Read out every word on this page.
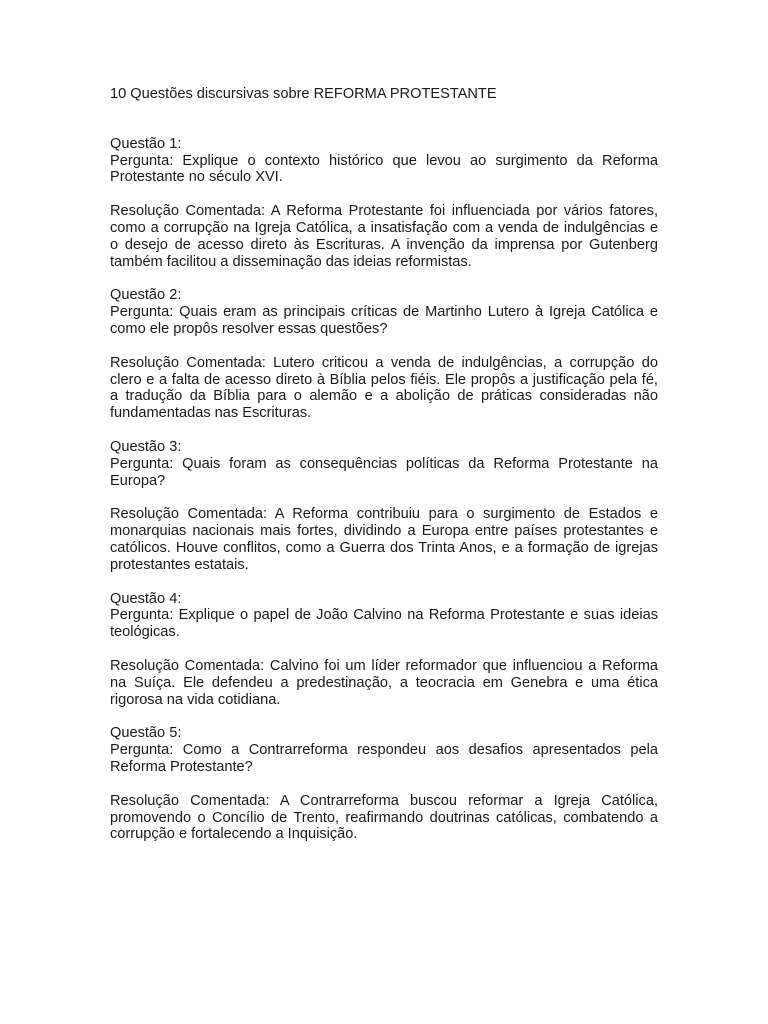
10 Questões discursivas sobre REFORMA PROTESTANTE

Questão 1:

Pergunta: Explique o contexto histórico que levou ao surgimento da Reforma Protestante no século XVI.

Resolução Comentada: A Reforma Protestante foi influenciada por vários fatores, como a corrupção na Igreja Católica, a insatisfação com a venda de indulgências e o desejo de acesso direto às Escrituras. A invenção da imprensa por Gutenberg também facilitou a disseminação das ideias reformistas.

Questão 2:

Pergunta: Quais eram as principais críticas de Martinho Lutero à Igreja Católica e como ele propôs resolver essas questões?

Resolução Comentada: Lutero criticou a venda de indulgências, a corrupção do clero e a falta de acesso direto à Bíblia pelos fiéis. Ele propôs a justificação pela fé, a tradução da Bíblia para o alemão e a abolição de práticas consideradas não fundamentadas nas Escrituras.

Questão 3:

Pergunta: Quais foram as consequências políticas da Reforma Protestante na Europa?

Resolução Comentada: A Reforma contribuiu para o surgimento de Estados e monarquias nacionais mais fortes, dividindo a Europa entre países protestantes e católicos. Houve conflitos, como a Guerra dos Trinta Anos, e a formação de igrejas protestantes estatais.

Questão 4:

Pergunta: Explique o papel de João Calvino na Reforma Protestante e suas ideias teológicas.

Resolução Comentada: Calvino foi um líder reformador que influenciou a Reforma na Suíça. Ele defendeu a predestinação, a teocracia em Genebra e uma ética rigorosa na vida cotidiana.

Questão 5:

Pergunta: Como a Contrarreforma respondeu aos desafios apresentados pela Reforma Protestante?

Resolução Comentada: A Contrarreforma buscou reformar a Igreja Católica, promovendo o Concílio de Trento, reafirmando doutrinas católicas, combatendo a corrupção e fortalecendo a Inquisição.
